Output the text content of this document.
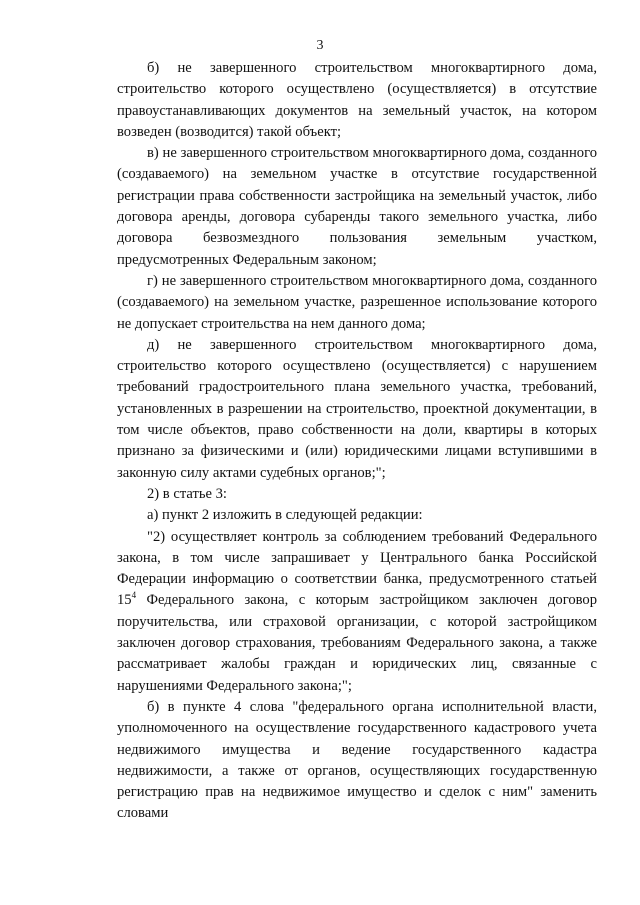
3

б) не завершенного строительством многоквартирного дома, строительство которого осуществлено (осуществляется) в отсутствие правоустанавливающих документов на земельный участок, на котором возведен (возводится) такой объект;

в) не завершенного строительством многоквартирного дома, созданного (создаваемого) на земельном участке в отсутствие государственной регистрации права собственности застройщика на земельный участок, либо договора аренды, договора субаренды такого земельного участка, либо договора безвозмездного пользования земельным участком, предусмотренных Федеральным законом;

г) не завершенного строительством многоквартирного дома, созданного (создаваемого) на земельном участке, разрешенное использование которого не допускает строительства на нем данного дома;

д) не завершенного строительством многоквартирного дома, строительство которого осуществлено (осуществляется) с нарушением требований градостроительного плана земельного участка, требований, установленных в разрешении на строительство, проектной документации, в том числе объектов, право собственности на доли, квартиры в которых признано за физическими и (или) юридическими лицами вступившими в законную силу актами судебных органов;";

2) в статье 3:

а) пункт 2 изложить в следующей редакции:

"2) осуществляет контроль за соблюдением требований Федерального закона, в том числе запрашивает у Центрального банка Российской Федерации информацию о соответствии банка, предусмотренного статьей $15^4$ Федерального закона, с которым застройщиком заключен договор поручительства, или страховой организации, с которой застройщиком заключен договор страхования, требованиям Федерального закона, а также рассматривает жалобы граждан и юридических лиц, связанные с нарушениями Федерального закона;";

б) в пункте 4 слова "федерального органа исполнительной власти, уполномоченного на осуществление государственного кадастрового учета недвижимого имущества и ведение государственного кадастра недвижимости, а также от органов, осуществляющих государственную регистрацию прав на недвижимое имущество и сделок с ним" заменить словами
